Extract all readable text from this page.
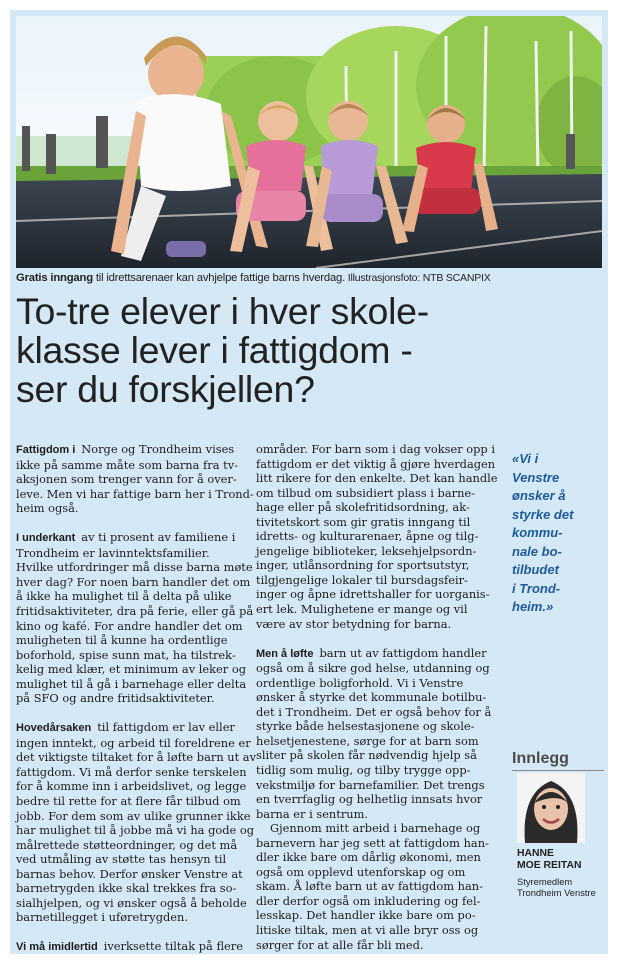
Gratis inngang til idrettsarenaer kan avhjelpe fattige barns hverdag. Illustrasjonsfoto: NTB SCANPIX
To-tre elever i hver skole-
klasse lever i fattigdom -
ser du forskjellen?

Fattigdom i Norge og Trondheim vises
ikke på samme måte som barna fra tv-
aksjonen som trenger vann for å over-
leve. Men vi har fattige barn her i Trond-
heim også.

I underkant av ti prosent av familiene i
Trondheim er lavinntektsfamilier.
Hvilke utfordringer må disse barna møte
hver dag? For noen barn handler det om
å ikke ha mulighet til å delta på ulike
fritidsaktiviteter, dra på ferie, eller gå på
kino og kafé. For andre handler det om
muligheten til å kunne ha ordentlige
boforhold, spise sunn mat, ha tilstrek-
kelig med klær, et minimum av leker og
mulighet til å gå i barnehage eller delta
på SFO og andre fritidsaktiviteter.

Hovedårsaken til fattigdom er lav eller
ingen inntekt, og arbeid til foreldrene er
det viktigste tiltaket for å løfte barn ut av
fattigdom. Vi må derfor senke terskelen
for å komme inn i arbeidslivet, og legge
bedre til rette for at flere får tilbud om
jobb. For dem som av ulike grunner ikke
har mulighet til å jobbe må vi ha gode og
målrettede støtteordninger, og det må
ved utmåling av støtte tas hensyn til
barnas behov. Derfor ønsker Venstre at
barnetrygden ikke skal trekkes fra so-
sialhjelpen, og vi ønsker også å beholde
barnetillegget i uføretrygden.

Vi må imidlertid iverksette tiltak på flere

områder. For barn som i dag vokser opp i
fattigdom er det viktig å gjøre hverdagen
litt rikere for den enkelte. Det kan handle
om tilbud om subsidiert plass i barne-
hage eller på skolefritidsordning, ak-
tivitetskort som gir gratis inngang til
idretts- og kulturarenaer, åpne og tilg-
jengelige biblioteker, leksehjelpsordn-
inger, utlånsordning for sportsutstyr,
tilgjengelige lokaler til bursdagsfeir-
inger og åpne idrettshaller for uorganis-
ert lek. Mulighetene er mange og vil
være av stor betydning for barna.

Men å løfte barn ut av fattigdom handler
også om å sikre god helse, utdanning og
ordentlige boligforhold. Vi i Venstre
ønsker å styrke det kommunale botilbu-
det i Trondheim. Det er også behov for å
styrke både helsestasjonene og skole-
helsetjenestene, sørge for at barn som
sliter på skolen får nødvendig hjelp så
tidlig som mulig, og tilby trygge opp-
vekstmiljø for barnefamilier. Det trengs
en tverrfaglig og helhetlig innsats hvor
barna er i sentrum.

Gjennom mitt arbeid i barnehage og
barnevern har jeg sett at fattigdom han-
dler ikke bare om dårlig økonomi, men
også om opplevd utenforskap og om
skam. Å løfte barn ut av fattigdom han-
dler derfor også om inkludering og fel-
lesskap. Det handler ikke bare om po-
litiske tiltak, men at vi alle bryr oss og
sørger for at alle får bli med.

«Vi i
Venstre
ønsker å
styrke det
kommu-
nale bo-
tilbudet
i Trond-
heim.»
Innlegg
HANNE
MOE REITAN
Styremedlem
Trondheim Venstre
